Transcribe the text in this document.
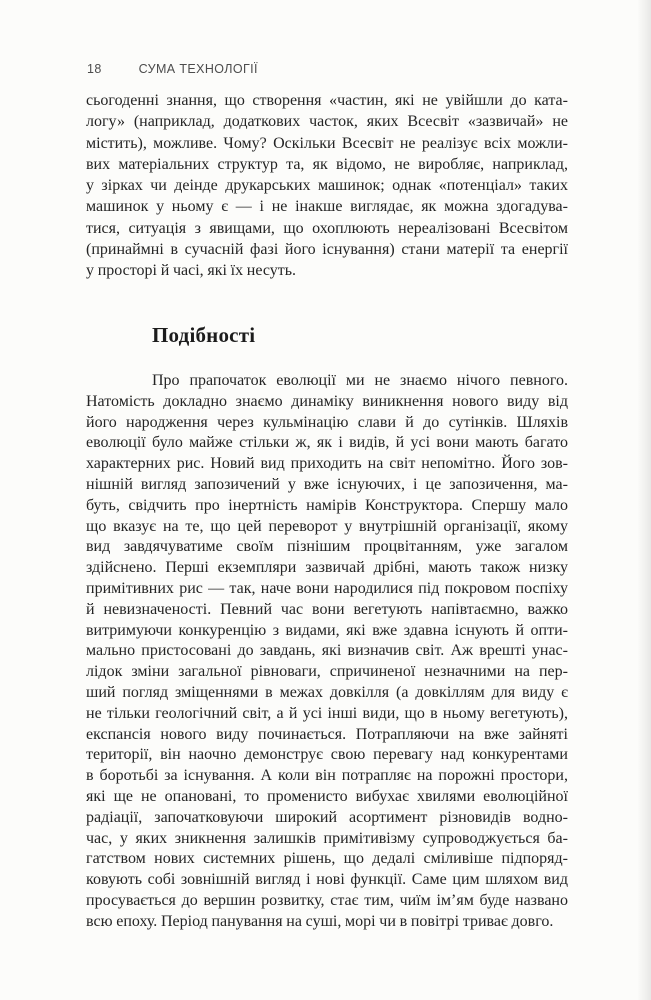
18	СУМА ТЕХНОЛОГІЇ
сьогоденні знання, що створення «частин, які не увійшли до ката-
логу» (наприклад, додаткових часток, яких Всесвіт «зазвичай» не
містить), можливе. Чому? Оскільки Всесвіт не реалізує всіх можли-
вих матеріальних структур та, як відомо, не виробляє, наприклад,
у зірках чи деінде друкарських машинок; однак «потенціал» таких
машинок у ньому є — і не інакше виглядає, як можна здогадува-
тися, ситуація з явищами, що охоплюють нереалізовані Всесвітом
(принаймні в сучасній фазі його існування) стани матерії та енергії
у просторі й часі, які їх несуть.
Подібності
Про прапочаток еволюції ми не знаємо нічого певного.
Натомість докладно знаємо динаміку виникнення нового виду від
його народження через кульмінацію слави й до сутінків. Шляхів
еволюції було майже стільки ж, як і видів, й усі вони мають багато
характерних рис. Новий вид приходить на світ непомітно. Його зов-
нішній вигляд запозичений у вже існуючих, і це запозичення, ма-
буть, свідчить про інертність намірів Конструктора. Спершу мало
що вказує на те, що цей переворот у внутрішній організації, якому
вид завдячуватиме своїм пізнішим процвітанням, уже загалом
здійснено. Перші екземпляри зазвичай дрібні, мають також низку
примітивних рис — так, наче вони народилися під покровом поспіху
й невизначеності. Певний час вони вегетують напівтаємно, важко
витримуючи конкуренцію з видами, які вже здавна існують й опти-
мально пристосовані до завдань, які визначив світ. Аж врешті унас-
лідок зміни загальної рівноваги, спричиненої незначними на пер-
ший погляд зміщеннями в межах довкілля (а довкіллям для виду є
не тільки геологічний світ, а й усі інші види, що в ньому вегетують),
експансія нового виду починається. Потрапляючи на вже зайняті
території, він наочно демонструє свою перевагу над конкурентами
в боротьбі за існування. А коли він потрапляє на порожні простори,
які ще не опановані, то променисто вибухає хвилями еволюційної
радіації, започатковуючи широкий асортимент різновидів водно-
час, у яких зникнення залишків примітивізму супроводжується ба-
гатством нових системних рішень, що дедалі сміливіше підпоряд-
ковують собі зовнішній вигляд і нові функції. Саме цим шляхом вид
просувається до вершин розвитку, стає тим, чиїм ім’ям буде названо
всю епоху. Період панування на суші, морі чи в повітрі триває довго.
